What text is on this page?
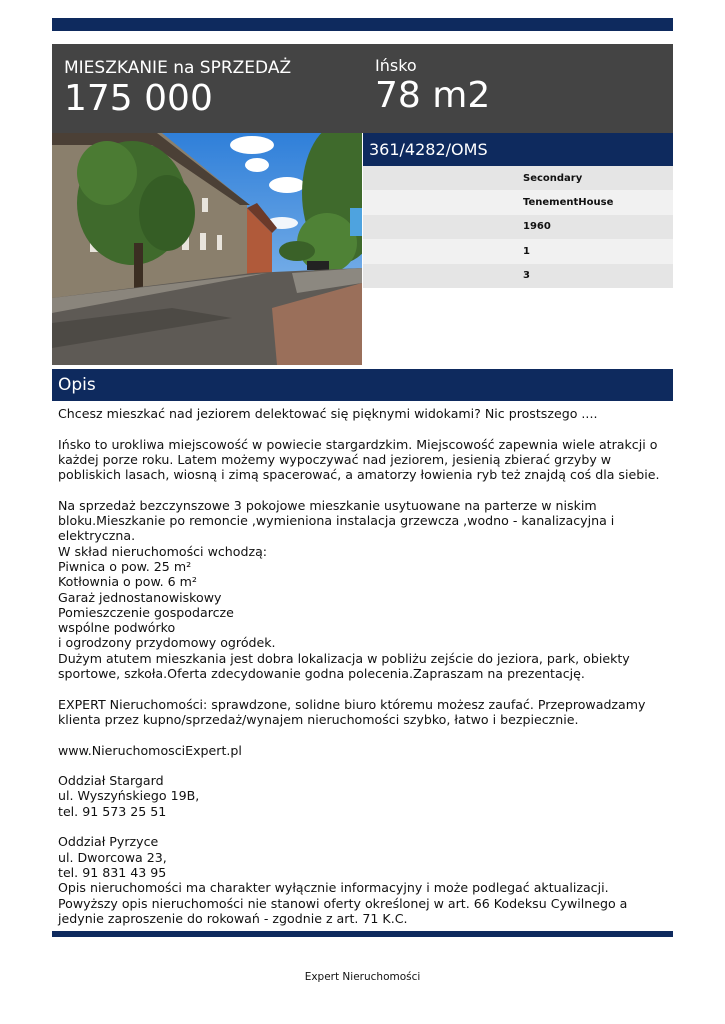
MIESZKANIE na SPRZEDAŻ
175 000
Ińsko
78 m2
361/4282/OMS
Secondary
TenementHouse
1960
1
3
Opis

Chcesz mieszkać nad jeziorem delektować się pięknymi widokami? Nic prostszego ....

Ińsko to urokliwa miejscowość w powiecie stargardzkim. Miejscowość zapewnia wiele atrakcji o każdej porze roku. Latem możemy wypoczywać nad jeziorem, jesienią zbierać grzyby w pobliskich lasach, wiosną i zimą spacerować, a amatorzy łowienia ryb też znajdą coś dla siebie.

Na sprzedaż bezczynszowe 3 pokojowe mieszkanie usytuowane na parterze w niskim bloku.Mieszkanie po remoncie ,wymieniona instalacja grzewcza ,wodno - kanalizacyjna i elektryczna.
W skład nieruchomości wchodzą:
Piwnica o pow. 25 m²
Kotłownia o pow. 6 m²
Garaż jednostanowiskowy
Pomieszczenie gospodarcze
wspólne podwórko
i ogrodzony przydomowy ogródek.
Dużym atutem mieszkania jest dobra lokalizacja w pobliżu zejście do jeziora, park, obiekty sportowe, szkoła.Oferta zdecydowanie godna polecenia.Zapraszam na prezentację.

EXPERT Nieruchomości: sprawdzone, solidne biuro któremu możesz zaufać. Przeprowadzamy klienta przez kupno/sprzedaż/wynajem nieruchomości szybko, łatwo i bezpiecznie.

www.NieruchomosciExpert.pl

Oddział Stargard
ul. Wyszyńskiego 19B,
tel. 91 573 25 51

Oddział Pyrzyce
ul. Dworcowa 23,
tel. 91 831 43 95
Opis nieruchomości ma charakter wyłącznie informacyjny i może podlegać aktualizacji. Powyższy opis nieruchomości nie stanowi oferty określonej w art. 66 Kodeksu Cywilnego a jedynie zaproszenie do rokowań - zgodnie z art. 71 K.C.

Expert Nieruchomości
